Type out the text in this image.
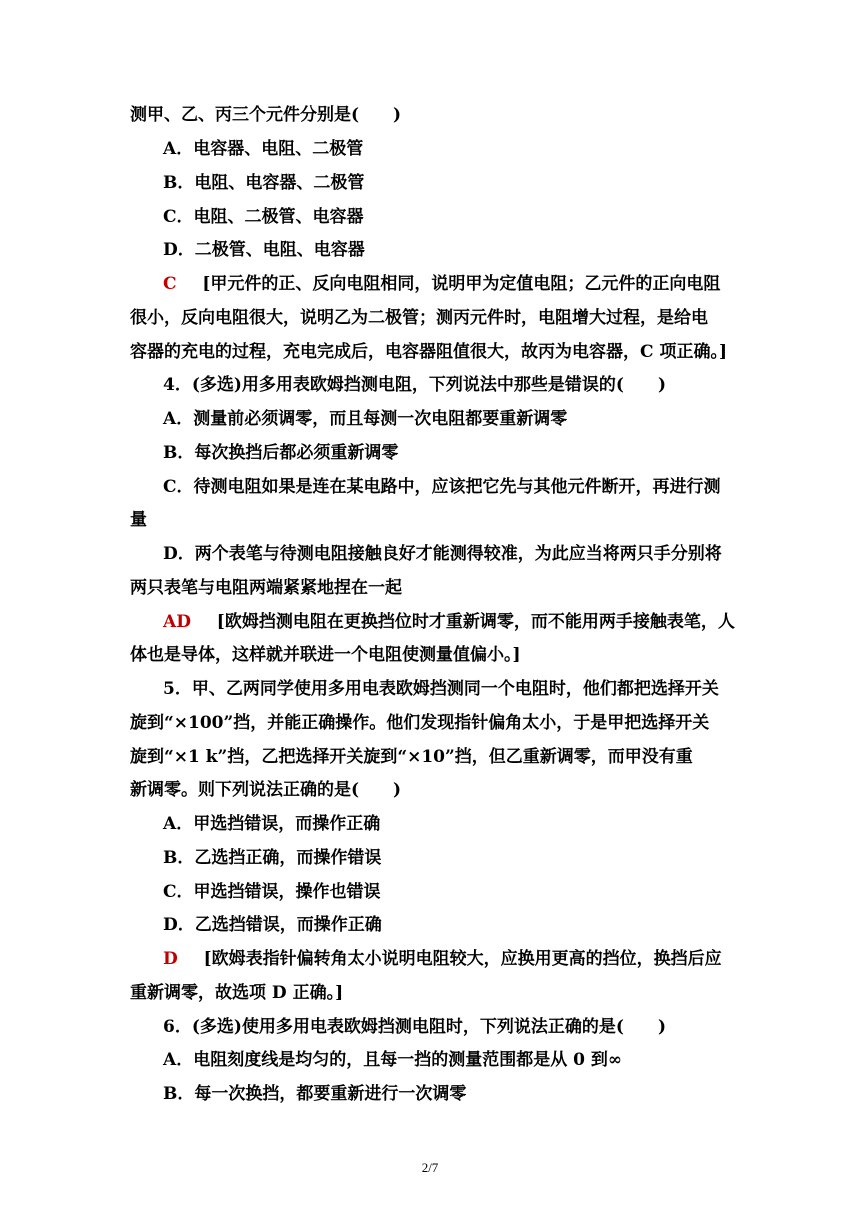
测甲、乙、丙三个元件分别是(　　)
A．电容器、电阻、二极管
B．电阻、电容器、二极管
C．电阻、二极管、电容器
D．二极管、电阻、电容器
C [甲元件的正、反向电阻相同，说明甲为定值电阻；乙元件的正向电阻
很小，反向电阻很大，说明乙为二极管；测丙元件时，电阻增大过程，是给电
容器的充电的过程，充电完成后，电容器阻值很大，故丙为电容器，C 项正确。]
4．(多选)用多用表欧姆挡测电阻，下列说法中那些是错误的(　　)
A．测量前必须调零，而且每测一次电阻都要重新调零
B．每次换挡后都必须重新调零
C．待测电阻如果是连在某电路中，应该把它先与其他元件断开，再进行测
量
D．两个表笔与待测电阻接触良好才能测得较准，为此应当将两只手分别将
两只表笔与电阻两端紧紧地捏在一起
AD [欧姆挡测电阻在更换挡位时才重新调零，而不能用两手接触表笔，人
体也是导体，这样就并联进一个电阻使测量值偏小。]
5．甲、乙两同学使用多用电表欧姆挡测同一个电阻时，他们都把选择开关
旋到“×100”挡，并能正确操作。他们发现指针偏角太小，于是甲把选择开关
旋到“×1 k”挡，乙把选择开关旋到“×10”挡，但乙重新调零，而甲没有重
新调零。则下列说法正确的是(　　)
A．甲选挡错误，而操作正确
B．乙选挡正确，而操作错误
C．甲选挡错误，操作也错误
D．乙选挡错误，而操作正确
D [欧姆表指针偏转角太小说明电阻较大，应换用更高的挡位，换挡后应
重新调零，故选项 D 正确。]
6．(多选)使用多用电表欧姆挡测电阻时，下列说法正确的是(　　)
A．电阻刻度线是均匀的，且每一挡的测量范围都是从 0 到∞
B．每一次换挡，都要重新进行一次调零
2/7
